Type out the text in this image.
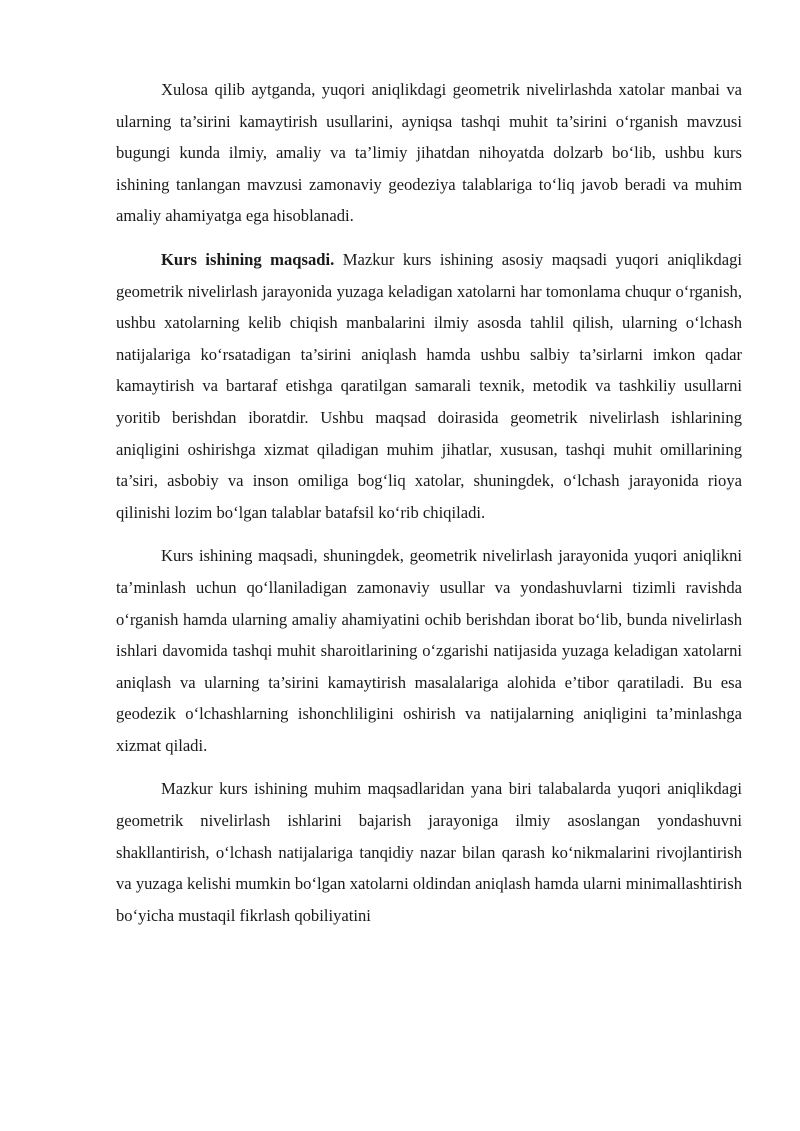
Xulosa qilib aytganda, yuqori aniqlikdagi geometrik nivelirlashda xatolar manbai va ularning ta’sirini kamaytirish usullarini, ayniqsa tashqi muhit ta’sirini o‘rganish mavzusi bugungi kunda ilmiy, amaliy va ta’limiy jihatdan nihoyatda dolzarb bo‘lib, ushbu kurs ishining tanlangan mavzusi zamonaviy geodeziya talablariga to‘liq javob beradi va muhim amaliy ahamiyatga ega hisoblanadi.

Kurs ishining maqsadi. Mazkur kurs ishining asosiy maqsadi yuqori aniqlikdagi geometrik nivelirlash jarayonida yuzaga keladigan xatolarni har tomonlama chuqur o‘rganish, ushbu xatolarning kelib chiqish manbalarini ilmiy asosda tahlil qilish, ularning o‘lchash natijalariga ko‘rsatadigan ta’sirini aniqlash hamda ushbu salbiy ta’sirlarni imkon qadar kamaytirish va bartaraf etishga qaratilgan samarali texnik, metodik va tashkiliy usullarni yoritib berishdan iboratdir. Ushbu maqsad doirasida geometrik nivelirlash ishlarining aniqligini oshirishga xizmat qiladigan muhim jihatlar, xususan, tashqi muhit omillarining ta’siri, asbobiy va inson omiliga bog‘liq xatolar, shuningdek, o‘lchash jarayonida rioya qilinishi lozim bo‘lgan talablar batafsil ko‘rib chiqiladi.

Kurs ishining maqsadi, shuningdek, geometrik nivelirlash jarayonida yuqori aniqlikni ta’minlash uchun qo‘llaniladigan zamonaviy usullar va yondashuvlarni tizimli ravishda o‘rganish hamda ularning amaliy ahamiyatini ochib berishdan iborat bo‘lib, bunda nivelirlash ishlari davomida tashqi muhit sharoitlarining o‘zgarishi natijasida yuzaga keladigan xatolarni aniqlash va ularning ta’sirini kamaytirish masalalariga alohida e’tibor qaratiladi. Bu esa geodezik o‘lchashlarning ishonchliligini oshirish va natijalarning aniqligini ta’minlashga xizmat qiladi.

Mazkur kurs ishining muhim maqsadlaridan yana biri talabalarda yuqori aniqlikdagi geometrik nivelirlash ishlarini bajarish jarayoniga ilmiy asoslangan yondashuvni shakllantirish, o‘lchash natijalariga tanqidiy nazar bilan qarash ko‘nikmalarini rivojlantirish va yuzaga kelishi mumkin bo‘lgan xatolarni oldindan aniqlash hamda ularni minimallashtirish bo‘yicha mustaqil fikrlash qobiliyatini
